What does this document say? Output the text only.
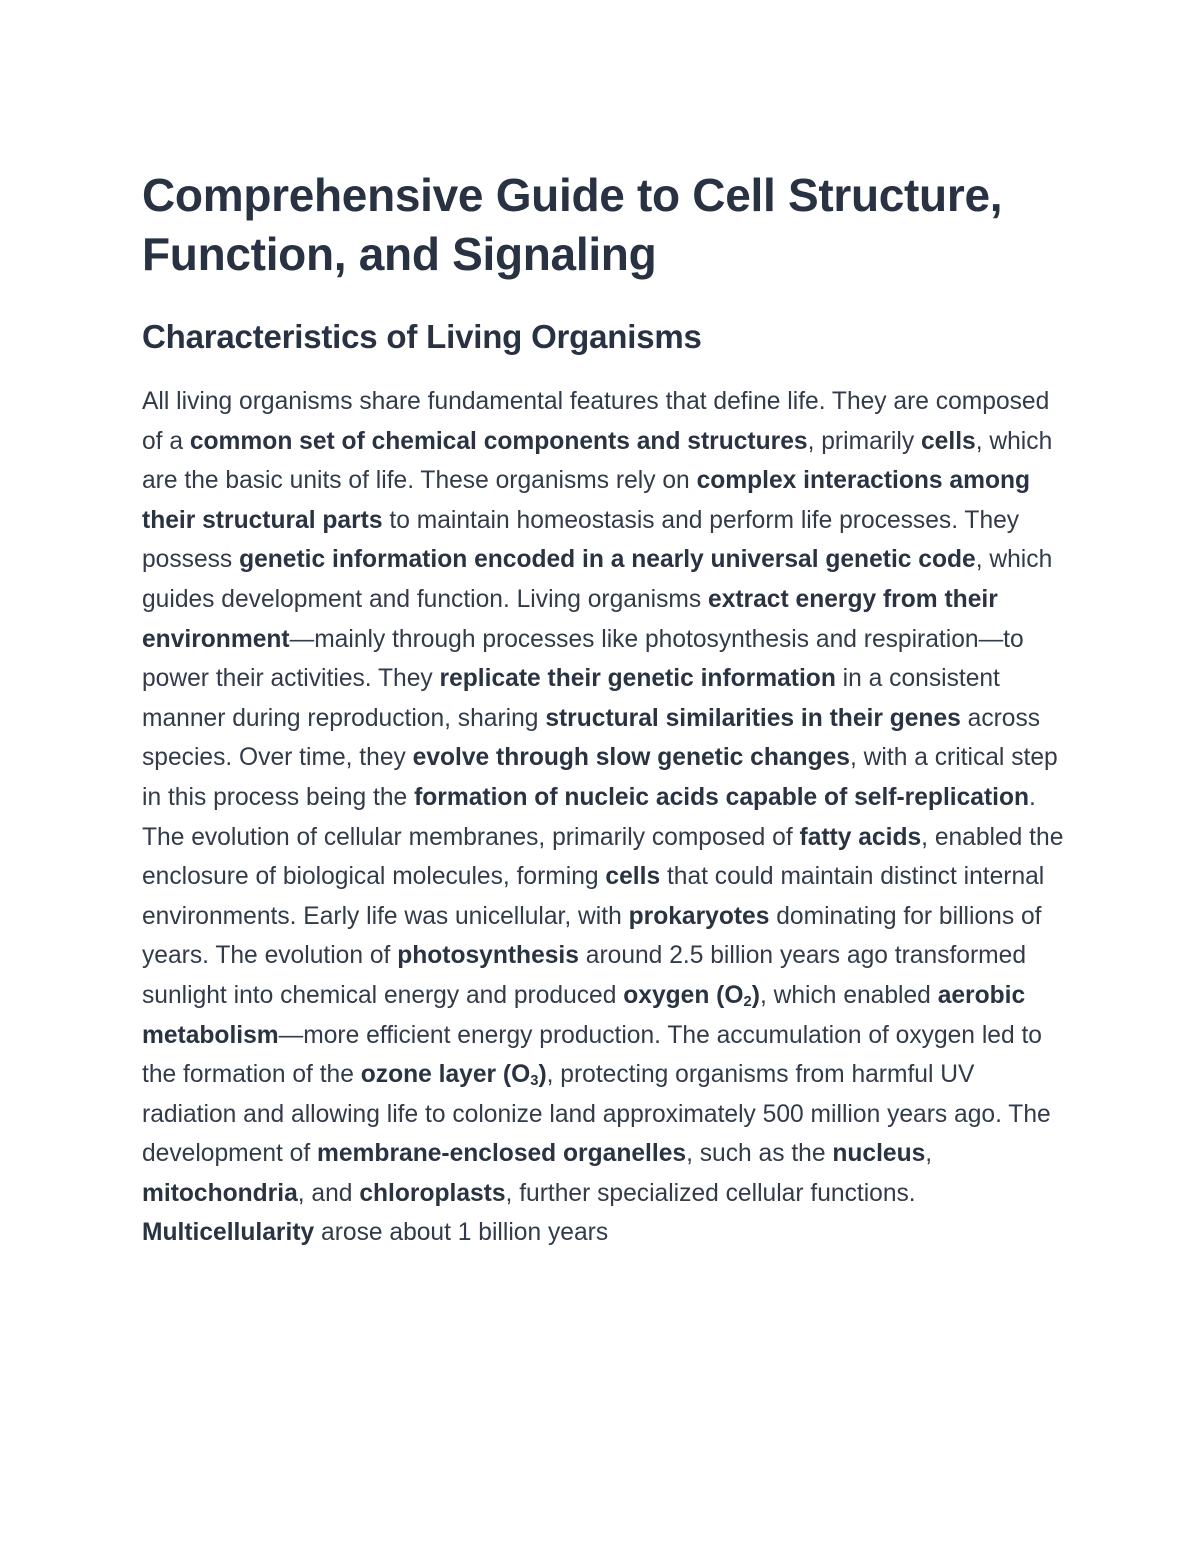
Comprehensive Guide to Cell Structure, Function, and Signaling
Characteristics of Living Organisms

All living organisms share fundamental features that define life. They are composed of a common set of chemical components and structures, primarily cells, which are the basic units of life. These organisms rely on complex interactions among their structural parts to maintain homeostasis and perform life processes. They possess genetic information encoded in a nearly universal genetic code, which guides development and function. Living organisms extract energy from their environment—mainly through processes like photosynthesis and respiration—to power their activities. They replicate their genetic information in a consistent manner during reproduction, sharing structural similarities in their genes across species. Over time, they evolve through slow genetic changes, with a critical step in this process being the formation of nucleic acids capable of self-replication. The evolution of cellular membranes, primarily composed of fatty acids, enabled the enclosure of biological molecules, forming cells that could maintain distinct internal environments. Early life was unicellular, with prokaryotes dominating for billions of years. The evolution of photosynthesis around 2.5 billion years ago transformed sunlight into chemical energy and produced oxygen $(O_2)$, which enabled aerobic metabolism—more efficient energy production. The accumulation of oxygen led to the formation of the ozone layer $(O_3)$, protecting organisms from harmful UV radiation and allowing life to colonize land approximately 500 million years ago. The development of membrane-enclosed organelles, such as the nucleus, mitochondria, and chloroplasts, further specialized cellular functions. Multicellularity arose about 1 billion years
